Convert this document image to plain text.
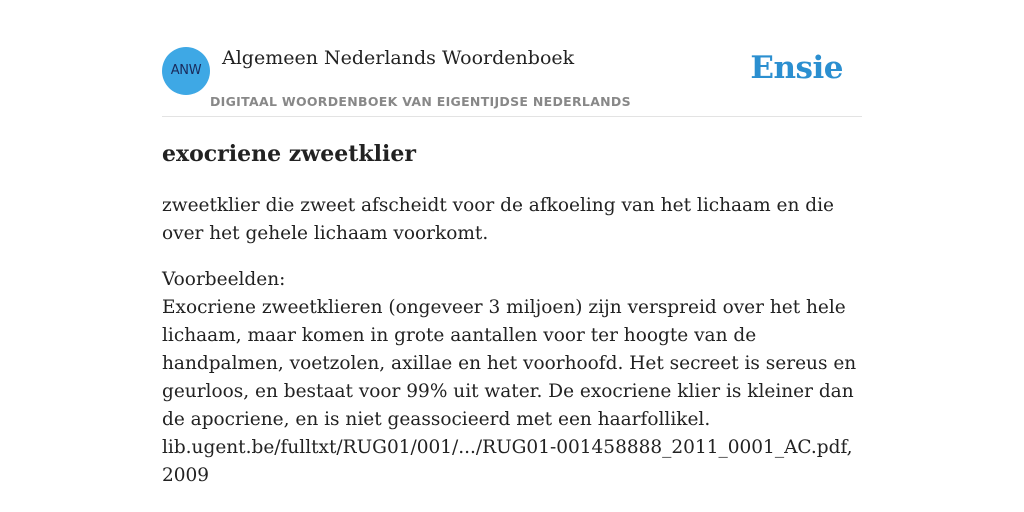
ANW
Algemeen Nederlands Woordenboek
DIGITAAL WOORDENBOEK VAN EIGENTIJDSE NEDERLANDS
Ensie
exocriene zweetklier

zweetklier die zweet afscheidt voor de afkoeling van het lichaam en die over het gehele lichaam voorkomt.

Voorbeelden:
Exocriene zweetklieren (ongeveer 3 miljoen) zijn verspreid over het hele lichaam, maar komen in grote aantallen voor ter hoogte van de handpalmen, voetzolen, axillae en het voorhoofd. Het secreet is sereus en geurloos, en bestaat voor 99% uit water. De exocriene klier is kleiner dan de apocriene, en is niet geassocieerd met een haarfollikel.
lib.ugent.be/fulltxt/RUG01/001/.../RUG01-001458888_2011_0001_AC.pdf, 2009
